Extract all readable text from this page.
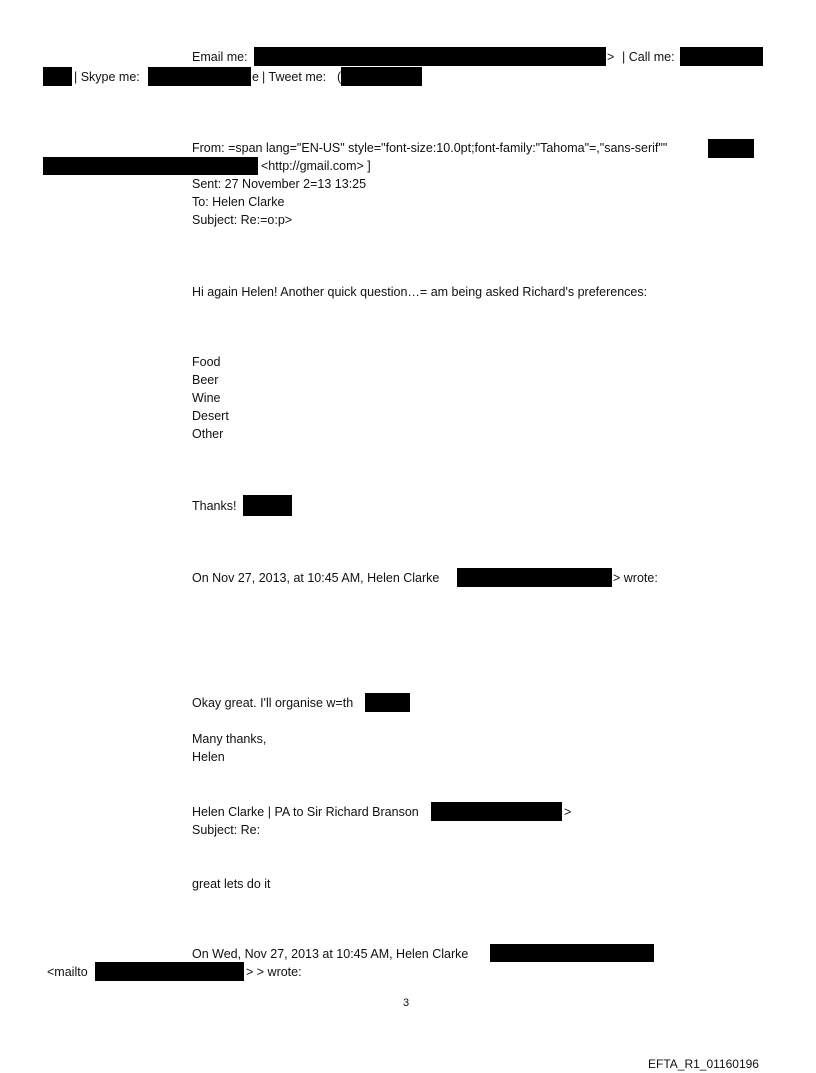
Email me:	> | Call me:
| Skype me:	e | Tweet me: (
From: =span lang="EN-US" style="font-size:10.0pt;font-family:"Tahoma"=,"sans-serif""
<http://gmail.com> ]
Sent: 27 November 2=13 13:25
To: Helen Clarke
Subject: Re:=o:p>
Hi again Helen! Another quick question…= am being asked Richard's preferences:
Food
Beer
Wine
Desert
Other
Thanks!
On Nov 27, 2013, at 10:45 AM, Helen Clarke	> wrote:
Okay great. I'll organise w=th
Many thanks,
Helen
Helen Clarke | PA to Sir Richard Branson	>
Subject: Re:
great lets do it
On Wed, Nov 27, 2013 at 10:45 AM, Helen Clarke
<mailto	> > wrote:
3
EFTA_R1_01160196
